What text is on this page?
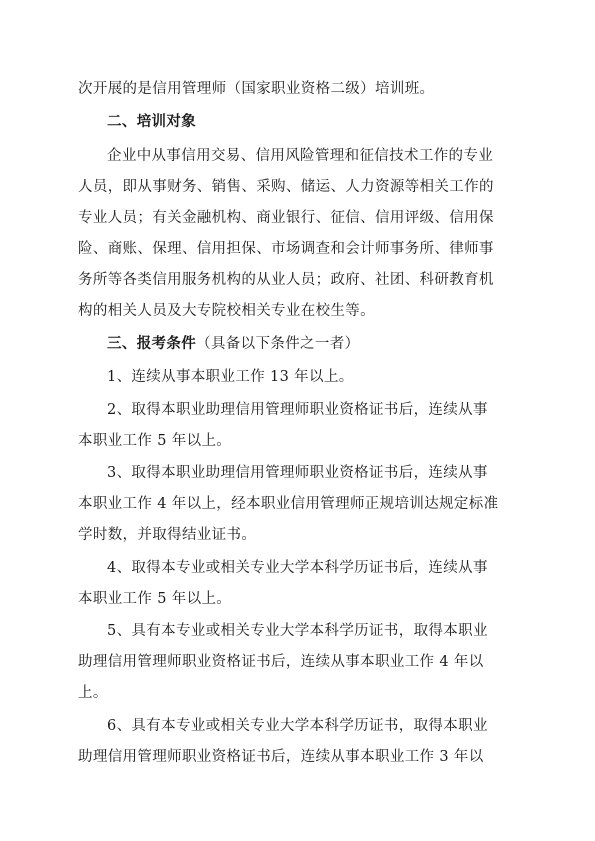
次开展的是信用管理师（国家职业资格二级）培训班。
二、培训对象
企业中从事信用交易、信用风险管理和征信技术工作的专业
人员，即从事财务、销售、采购、储运、人力资源等相关工作的
专业人员；有关金融机构、商业银行、征信、信用评级、信用保
险、商账、保理、信用担保、市场调查和会计师事务所、律师事
务所等各类信用服务机构的从业人员；政府、社团、科研教育机
构的相关人员及大专院校相关专业在校生等。
三、报考条件（具备以下条件之一者）
1、连续从事本职业工作 13 年以上。
2、取得本职业助理信用管理师职业资格证书后，连续从事
本职业工作 5 年以上。
3、取得本职业助理信用管理师职业资格证书后，连续从事
本职业工作 4 年以上，经本职业信用管理师正规培训达规定标准
学时数，并取得结业证书。
4、取得本专业或相关专业大学本科学历证书后，连续从事
本职业工作 5 年以上。
5、具有本专业或相关专业大学本科学历证书，取得本职业
助理信用管理师职业资格证书后，连续从事本职业工作 4 年以
上。
6、具有本专业或相关专业大学本科学历证书，取得本职业
助理信用管理师职业资格证书后，连续从事本职业工作 3 年以
